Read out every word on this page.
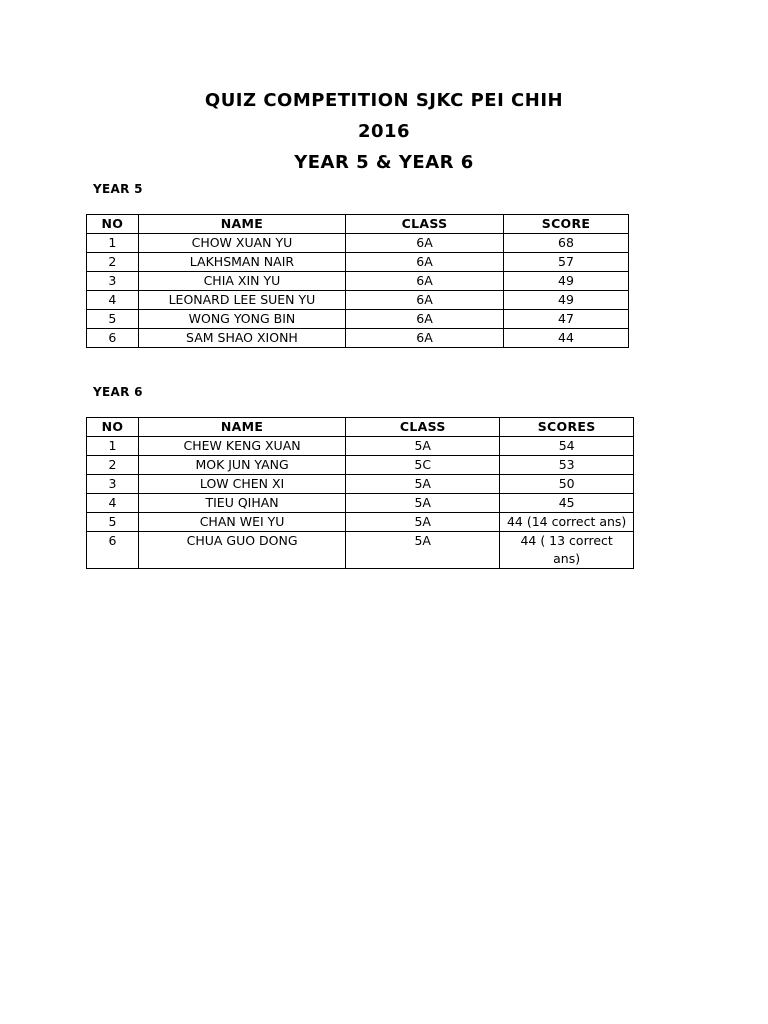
QUIZ COMPETITION SJKC PEI CHIH
2016
YEAR 5 & YEAR 6
YEAR 5
NO	NAME	CLASS	SCORE
1	CHOW XUAN YU	6A	68
2	LAKHSMAN NAIR	6A	57
3	CHIA XIN YU	6A	49
4	LEONARD LEE SUEN YU	6A	49
5	WONG YONG BIN	6A	47
6	SAM SHAO XIONH	6A	44
YEAR 6
NO	NAME	CLASS	SCORES
1	CHEW KENG XUAN	5A	54
2	MOK JUN YANG	5C	53
3	LOW CHEN XI	5A	50
4	TIEU QIHAN	5A	45
5	CHAN WEI YU	5A	44 (14 correct ans)
6	CHUA GUO DONG	5A	44 ( 13 correct ans)
